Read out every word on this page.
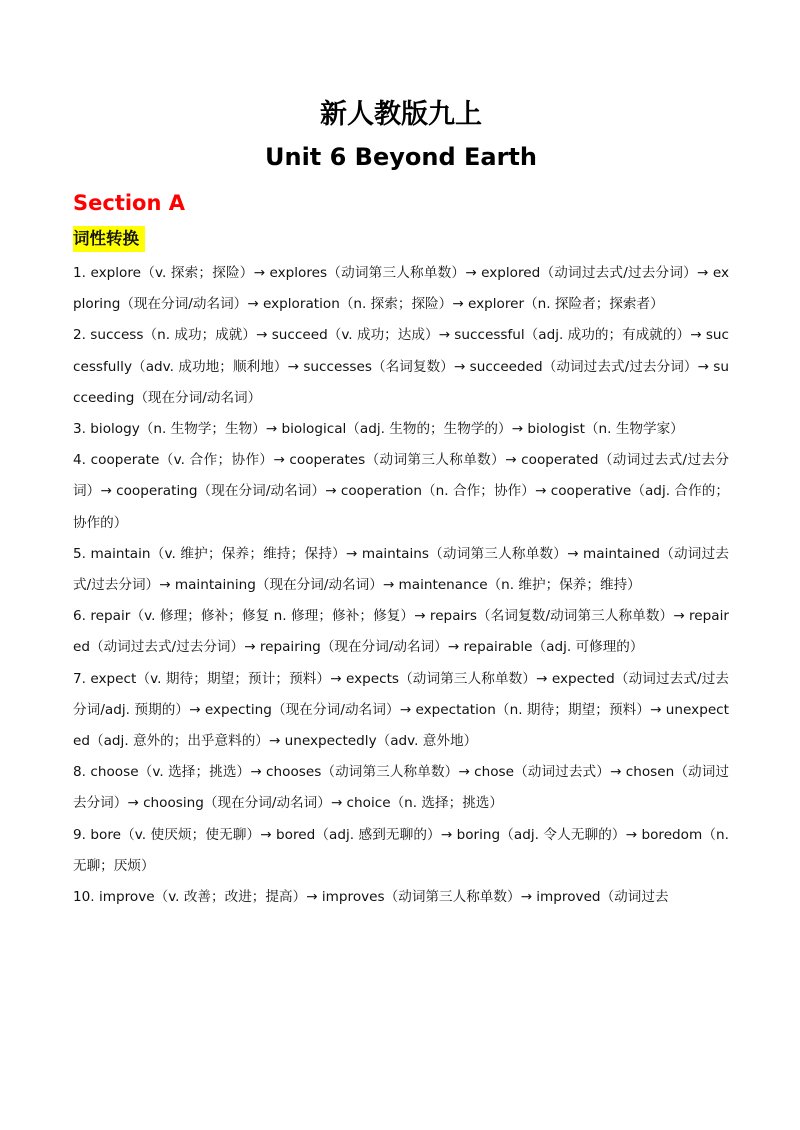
新人教版九上
Unit 6 Beyond Earth
Section A
词性转换

1. explore（v. 探索；探险）→ explores（动词第三人称单数）→ explored（动词过去式/过去分词）→ exploring（现在分词/动名词）→ exploration（n. 探索；探险）→ explorer（n. 探险者；探索者）

2. success（n. 成功；成就）→ succeed（v. 成功；达成）→ successful（adj. 成功的；有成就的）→ successfully（adv. 成功地；顺利地）→ successes（名词复数）→ succeeded（动词过去式/过去分词）→ succeeding（现在分词/动名词）

3. biology（n. 生物学；生物）→ biological（adj. 生物的；生物学的）→ biologist（n. 生物学家）

4. cooperate（v. 合作；协作）→ cooperates（动词第三人称单数）→ cooperated（动词过去式/过去分词）→ cooperating（现在分词/动名词）→ cooperation（n. 合作；协作）→ cooperative（adj. 合作的；协作的）

5. maintain（v. 维护；保养；维持；保持）→ maintains（动词第三人称单数）→ maintained（动词过去式/过去分词）→ maintaining（现在分词/动名词）→ maintenance（n. 维护；保养；维持）

6. repair（v. 修理；修补；修复 n. 修理；修补；修复）→ repairs（名词复数/动词第三人称单数）→ repaired（动词过去式/过去分词）→ repairing（现在分词/动名词）→ repairable（adj. 可修理的）

7. expect（v. 期待；期望；预计；预料）→ expects（动词第三人称单数）→ expected（动词过去式/过去分词/adj. 预期的）→ expecting（现在分词/动名词）→ expectation（n. 期待；期望；预料）→ unexpected（adj. 意外的；出乎意料的）→ unexpectedly（adv. 意外地）

8. choose（v. 选择；挑选）→ chooses（动词第三人称单数）→ chose（动词过去式）→ chosen（动词过去分词）→ choosing（现在分词/动名词）→ choice（n. 选择；挑选）

9. bore（v. 使厌烦；使无聊）→ bored（adj. 感到无聊的）→ boring（adj. 令人无聊的）→ boredom（n. 无聊；厌烦）

10. improve（v. 改善；改进；提高）→ improves（动词第三人称单数）→ improved（动词过去
